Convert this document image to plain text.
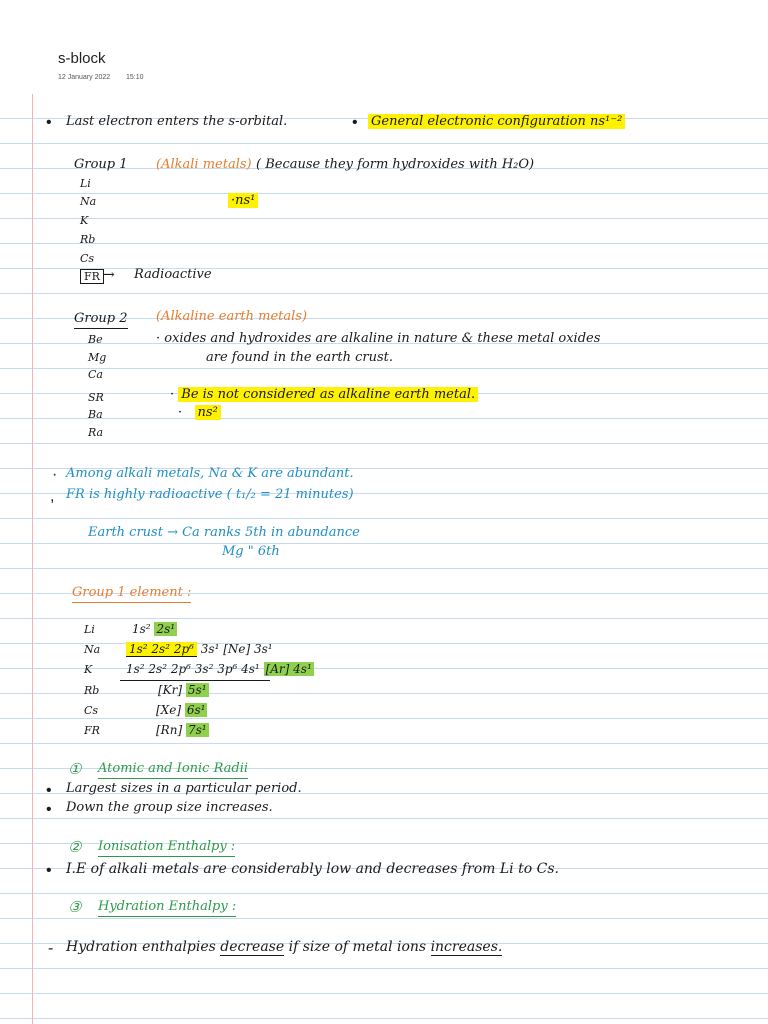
s-block
12 January 2022 15:10
• Last electron enters the s-orbital.	• General electronic configuration ns¹⁻²
Group 1 (Alkali metals) ( Because they form hydroxides with H₂O)
Li
Na
K
Rb
Cs
·ns¹
FR → Radioactive
Group 2 (Alkaline earth metals)
Be
Mg
Ca
SR
Ba
Ra
· oxides and hydroxides are alkaline in nature & these metal oxides
are found in the earth crust.
· Be is not considered as alkaline earth metal.
·   ns²
· Among alkali metals, Na & K are abundant.
, FR is highly radioactive ( t₁/₂ = 21 minutes)
Earth crust → Ca ranks 5th in abundance
Mg " 6th
Group 1 element :
Li	1s² 2s¹
Na 1s² 2s² 2p⁶ 3s¹ [Ne] 3s¹
K	1s² 2s² 2p⁶ 3s² 3p⁶ 4s¹ [Ar] 4s¹
Rb	[Kr] 5s¹
Cs	[Xe] 6s¹
FR	[Rn] 7s¹
① Atomic and Ionic Radii
• Largest sizes in a particular period.
• Down the group size increases.
② Ionisation Enthalpy :
• I.E of alkali metals are considerably low and decreases from Li to Cs.
③ Hydration Enthalpy :
- Hydration enthalpies decrease if size of metal ions increases.
